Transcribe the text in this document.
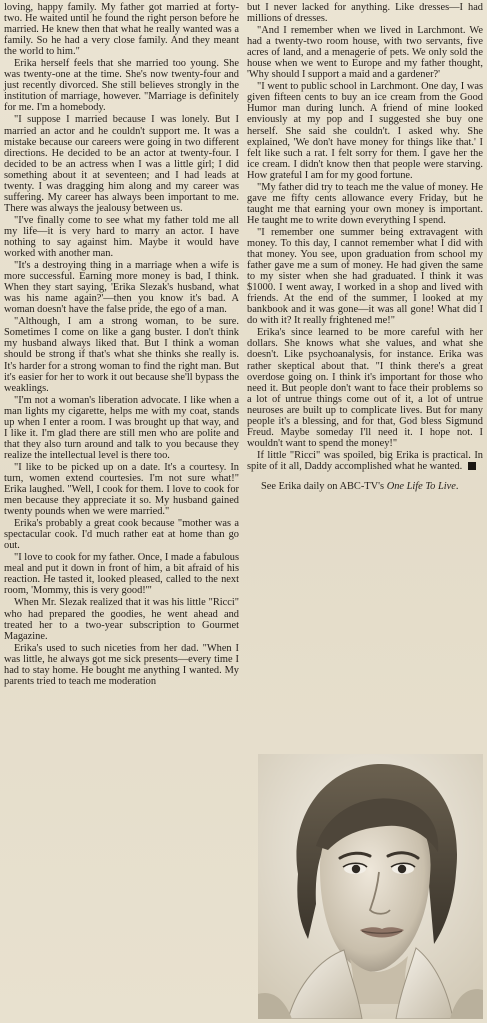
loving, happy family. My father got married at forty-two. He waited until he found the right person before he married. He knew then that what he really wanted was a family. So he had a very close family. And they meant the world to him."

Erika herself feels that she married too young. She was twenty-one at the time. She's now twenty-four and just recently divorced. She still believes strongly in the institution of marriage, however. "Marriage is definitely for me. I'm a homebody.

"I suppose I married because I was lonely. But I married an actor and he couldn't support me. It was a mistake because our careers were going in two different directions. He decided to be an actor at twenty-four. I decided to be an actress when I was a little girl; I did something about it at seventeen; and I had leads at twenty. I was dragging him along and my career was suffering. My career has always been important to me. There was always the jealousy between us.

"I've finally come to see what my father told me all my life—it is very hard to marry an actor. I have nothing to say against him. Maybe it would have worked with another man.

"It's a destroying thing in a marriage when a wife is more successful. Earning more money is bad, I think. When they start saying, 'Erika Slezak's husband, what was his name again?'—then you know it's bad. A woman doesn't have the false pride, the ego of a man.

"Although, I am a strong woman, to be sure. Sometimes I come on like a gang buster. I don't think my husband always liked that. But I think a woman should be strong if that's what she thinks she really is. It's harder for a strong woman to find the right man. But it's easier for her to work it out because she'll bypass the weaklings.

"I'm not a woman's liberation advocate. I like when a man lights my cigarette, helps me with my coat, stands up when I enter a room. I was brought up that way, and I like it. I'm glad there are still men who are polite and that they also turn around and talk to you because they realize the intellectual level is there too.

"I like to be picked up on a date. It's a courtesy. In turn, women extend courtesies. I'm not sure what!" Erika laughed. "Well, I cook for them. I love to cook for men because they appreciate it so. My husband gained twenty pounds when we were married."

Erika's probably a great cook because "mother was a spectacular cook. I'd much rather eat at home than go out.

"I love to cook for my father. Once, I made a fabulous meal and put it down in front of him, a bit afraid of his reaction. He tasted it, looked pleased, called to the next room, 'Mommy, this is very good!'"

When Mr. Slezak realized that it was his little "Ricci" who had prepared the goodies, he went ahead and treated her to a two-year subscription to Gourmet Magazine.

Erika's used to such niceties from her dad. "When I was little, he always got me sick presents—every time I had to stay home. He bought me anything I wanted. My parents tried to teach me moderation

but I never lacked for anything. Like dresses—I had millions of dresses.

"And I remember when we lived in Larchmont. We had a twenty-two room house, with two servants, five acres of land, and a menagerie of pets. We only sold the house when we went to Europe and my father thought, 'Why should I support a maid and a gardener?'

"I went to public school in Larchmont. One day, I was given fifteen cents to buy an ice cream from the Good Humor man during lunch. A friend of mine looked enviously at my pop and I suggested she buy one herself. She said she couldn't. I asked why. She explained, 'We don't have money for things like that.' I felt like such a rat. I felt sorry for them. I gave her the ice cream. I didn't know then that people were starving. How grateful I am for my good fortune.

"My father did try to teach me the value of money. He gave me fifty cents allowance every Friday, but he taught me that earning your own money is important. He taught me to write down everything I spend.

"I remember one summer being extravagent with money. To this day, I cannot remember what I did with that money. You see, upon graduation from school my father gave me a sum of money. He had given the same to my sister when she had graduated. I think it was $1000. I went away, I worked in a shop and lived with friends. At the end of the summer, I looked at my bankbook and it was gone—it was all gone! What did I do with it? It really frightened me!"

Erika's since learned to be more careful with her dollars. She knows what she values, and what she doesn't. Like psychoanalysis, for instance. Erika was rather skeptical about that. "I think there's a great overdose going on. I think it's important for those who need it. But people don't want to face their problems so a lot of untrue things come out of it, a lot of untrue neuroses are built up to complicate lives. But for many people it's a blessing, and for that, God bless Sigmund Freud. Maybe someday I'll need it. I hope not. I wouldn't want to spend the money!"

If little "Ricci" was spoiled, big Erika is practical. In spite of it all, Daddy accomplished what he wanted.

See Erika daily on ABC-TV's One Life To Live.
